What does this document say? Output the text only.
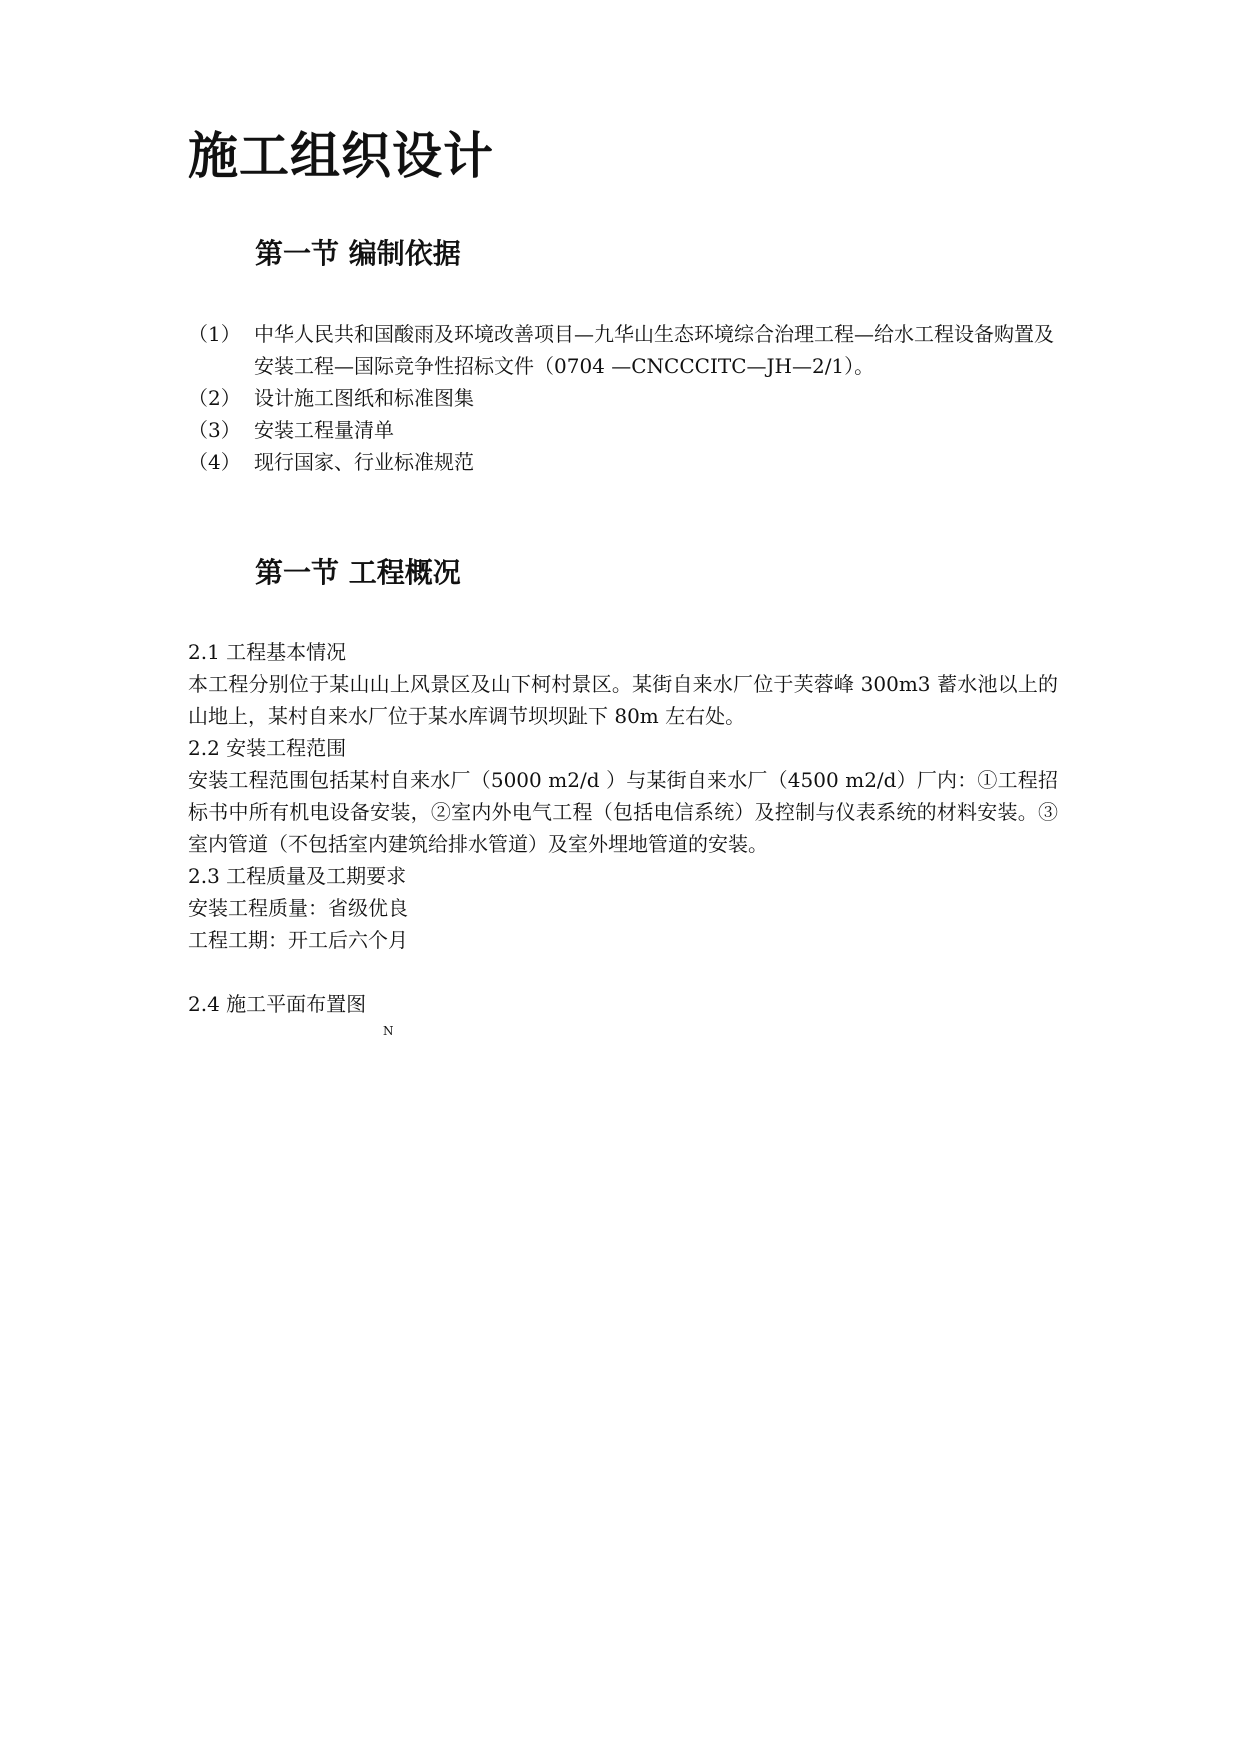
施工组织设计
第一节 编制依据
（1） 中华人民共和国酸雨及环境改善项目—九华山生态环境综合治理工程—给水工程设备购置及安装工程—国际竞争性招标文件（0704 —CNCCCITC—JH—2/1）。
（2） 设计施工图纸和标准图集
（3） 安装工程量清单
（4） 现行国家、行业标准规范
第一节 工程概况

2.1 工程基本情况

本工程分别位于某山山上风景区及山下柯村景区。某街自来水厂位于芙蓉峰 300m3 蓄水池以上的山地上，某村自来水厂位于某水库调节坝坝趾下 80m 左右处。

2.2 安装工程范围

安装工程范围包括某村自来水厂（5000 m2/d ）与某街自来水厂（4500 m2/d）厂内：①工程招标书中所有机电设备安装，②室内外电气工程（包括电信系统）及控制与仪表系统的材料安装。③室内管道（不包括室内建筑给排水管道）及室外埋地管道的安装。

2.3 工程质量及工期要求

安装工程质量：省级优良

工程工期：开工后六个月

2.4 施工平面布置图

N
